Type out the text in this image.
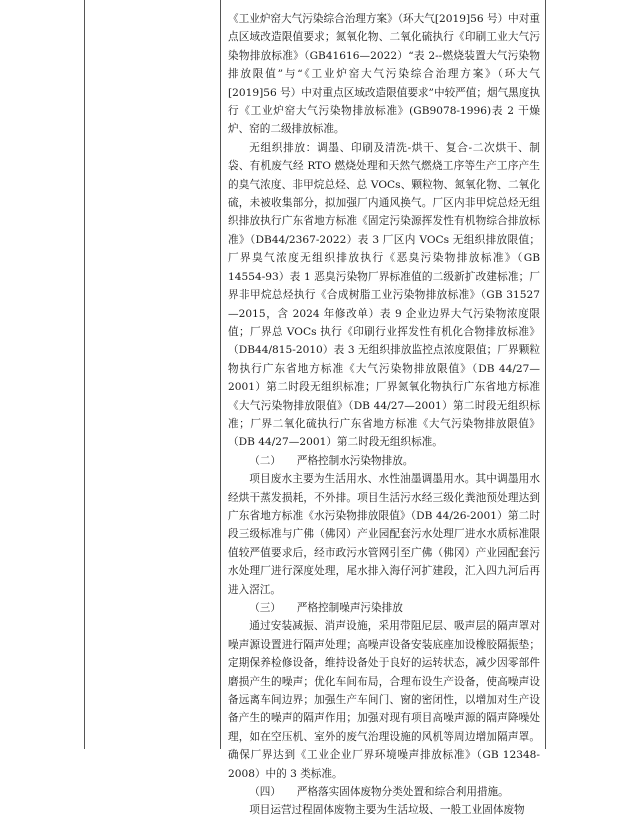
《工业炉窑大气污染综合治理方案》（环大气[2019]56 号）中对重点区域改造限值要求；氮氧化物、二氧化硫执行《印刷工业大气污染物排放标准》（GB41616—2022）“表 2--燃烧装置大气污染物排放限值”与“《工业炉窑大气污染综合治理方案》（环大气[2019]56 号）中对重点区域改造限值要求”中较严值；烟气黑度执行《工业炉窑大气污染物排放标准》(GB9078-1996)表 2 干燥炉、窑的二级排放标准。

无组织排放：调墨、印刷及清洗-烘干、复合-二次烘干、制袋、有机废气经 RTO 燃烧处理和天然气燃烧工序等生产工序产生的臭气浓度、非甲烷总烃、总 VOCs、颗粒物、氮氧化物、二氧化硫，未被收集部分，拟加强厂内通风换气。厂区内非甲烷总烃无组织排放执行广东省地方标准《固定污染源挥发性有机物综合排放标准》（DB44/2367-2022）表 3 厂区内 VOCs 无组织排放限值；厂界臭气浓度无组织排放执行《恶臭污染物排放标准》（GB 14554-93）表 1 恶臭污染物厂界标准值的二级新扩改建标准；厂界非甲烷总烃执行《合成树脂工业污染物排放标准》（GB 31527—2015，含 2024 年修改单）表 9 企业边界大气污染物浓度限值；厂界总 VOCs 执行《印刷行业挥发性有机化合物排放标准》（DB44/815-2010）表 3 无组织排放监控点浓度限值；厂界颗粒物执行广东省地方标准《大气污染物排放限值》（DB 44/27—2001）第二时段无组织标准；厂界氮氧化物执行广东省地方标准《大气污染物排放限值》（DB 44/27—2001）第二时段无组织标准；厂界二氧化硫执行广东省地方标准《大气污染物排放限值》（DB 44/27—2001）第二时段无组织标准。

（二）　　严格控制水污染物排放。

项目废水主要为生活用水、水性油墨调墨用水。其中调墨用水经烘干蒸发损耗，不外排。项目生活污水经三级化粪池预处理达到广东省地方标准《水污染物排放限值》（DB 44/26-2001）第二时段三级标准与广佛（佛冈）产业园配套污水处理厂进水水质标准限值较严值要求后，经市政污水管网引至广佛（佛冈）产业园配套污水处理厂进行深度处理，尾水排入海仔河扩建段，汇入四九河后再进入滘江。

（三）　　严格控制噪声污染排放

通过安装减振、消声设施，采用带阻尼层、吸声层的隔声罩对噪声源设置进行隔声处理；高噪声设备安装底座加设橡胶隔振垫；定期保养检修设备，维持设备处于良好的运转状态，减少因零部件磨损产生的噪声；优化车间布局，合理布设生产设备，使高噪声设备远离车间边界；加强生产车间门、窗的密闭性，以增加对生产设备产生的噪声的隔声作用；加强对现有项目高噪声源的隔声降噪处理，如在空压机、室外的废气治理设施的风机等周边增加隔声罩。确保厂界达到《工业企业厂界环境噪声排放标准》（GB 12348-2008）中的 3 类标准。

（四）　　严格落实固体废物分类处置和综合利用措施。

项目运营过程固体废物主要为生活垃圾、一般工业固体废物
